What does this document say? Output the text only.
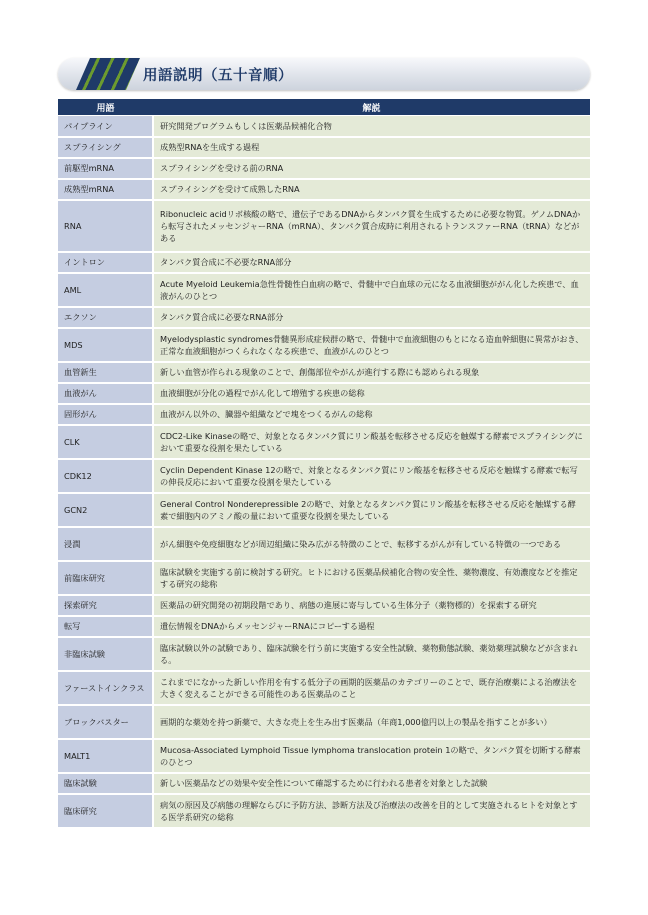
用語説明（五十音順）
用語	解説
パイプライン	研究開発プログラムもしくは医薬品候補化合物
スプライシング	成熟型RNAを生成する過程
前駆型mRNA	スプライシングを受ける前のRNA
成熟型mRNA	スプライシングを受けて成熟したRNA
RNA	Ribonucleic acidリボ核酸の略で、遺伝子であるDNAからタンパク質を生成するために必要な物質。ゲノムDNAから転写されたメッセンジャーRNA（mRNA）、タンパク質合成時に利用されるトランスファーRNA（tRNA）などがある
イントロン	タンパク質合成に不必要なRNA部分
AML	Acute Myeloid Leukemia急性骨髄性白血病の略で、骨髄中で白血球の元になる血液細胞ががん化した疾患で、血液がんのひとつ
エクソン	タンパク質合成に必要なRNA部分
MDS	Myelodysplastic syndromes骨髄異形成症候群の略で、骨髄中で血液細胞のもとになる造血幹細胞に異常がおき、正常な血液細胞がつくられなくなる疾患で、血液がんのひとつ
血管新生	新しい血管が作られる現象のことで、創傷部位やがんが進行する際にも認められる現象
血液がん	血液細胞が分化の過程でがん化して増殖する疾患の総称
固形がん	血液がん以外の、臓器や組織などで塊をつくるがんの総称
CLK	CDC2-Like Kinaseの略で、対象となるタンパク質にリン酸基を転移させる反応を触媒する酵素でスプライシングにおいて重要な役割を果たしている
CDK12	Cyclin Dependent Kinase 12の略で、対象となるタンパク質にリン酸基を転移させる反応を触媒する酵素で転写の伸長反応において重要な役割を果たしている
GCN2	General Control Nonderepressible 2の略で、対象となるタンパク質にリン酸基を転移させる反応を触媒する酵素で細胞内のアミノ酸の量において重要な役割を果たしている
浸潤	がん細胞や免疫細胞などが周辺組織に染み広がる特徴のことで、転移するがんが有している特徴の一つである
前臨床研究	臨床試験を実施する前に検討する研究。ヒトにおける医薬品候補化合物の安全性、薬物濃度、有効濃度などを推定する研究の総称
探索研究	医薬品の研究開発の初期段階であり、病態の進展に寄与している生体分子（薬物標的）を探索する研究
転写	遺伝情報をDNAからメッセンジャーRNAにコピーする過程
非臨床試験	臨床試験以外の試験であり、臨床試験を行う前に実施する安全性試験、薬物動態試験、薬効薬理試験などが含まれる。
ファーストインクラス	これまでになかった新しい作用を有する低分子の画期的医薬品のカテゴリーのことで、既存治療薬による治療法を大きく変えることができる可能性のある医薬品のこと
ブロックバスター	画期的な薬効を持つ新薬で、大きな売上を生み出す医薬品（年商1,000億円以上の製品を指すことが多い）
MALT1	Mucosa-Associated Lymphoid Tissue lymphoma translocation protein 1の略で、タンパク質を切断する酵素のひとつ
臨床試験	新しい医薬品などの効果や安全性について確認するために行われる患者を対象とした試験
臨床研究	病気の原因及び病態の理解ならびに予防方法、診断方法及び治療法の改善を目的として実施されるヒトを対象とする医学系研究の総称
